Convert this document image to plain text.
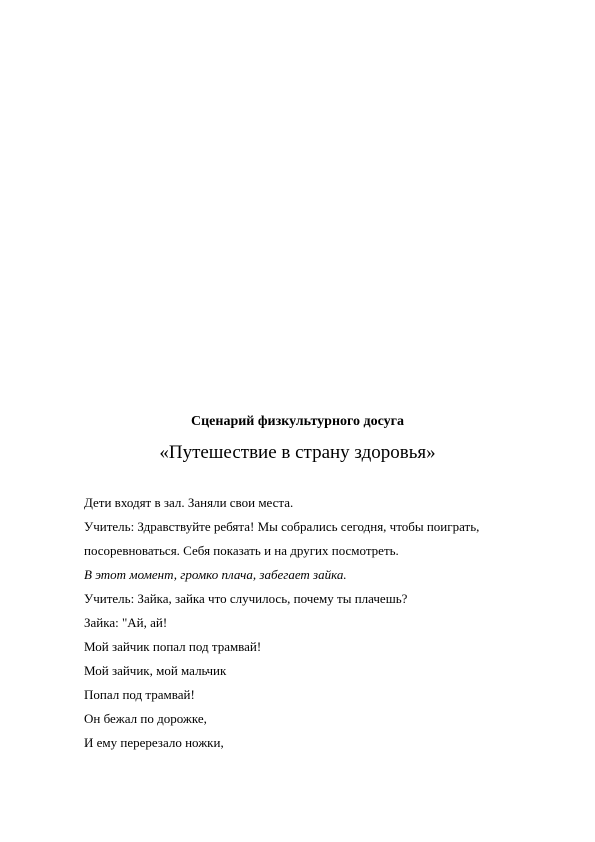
Сценарий физкультурного досуга
«Путешествие в страну здоровья»
Дети входят в зал. Заняли свои места.
Учитель: Здравствуйте ребята! Мы собрались сегодня, чтобы поиграть,
посоревноваться. Себя показать и на других посмотреть.
В этот момент, громко плача, забегает зайка.
Учитель: Зайка, зайка что случилось, почему ты плачешь?
Зайка: "Ай, ай!
Мой зайчик попал под трамвай!
Мой зайчик, мой мальчик
Попал под трамвай!
Он бежал по дорожке,
И ему перерезало ножки,
